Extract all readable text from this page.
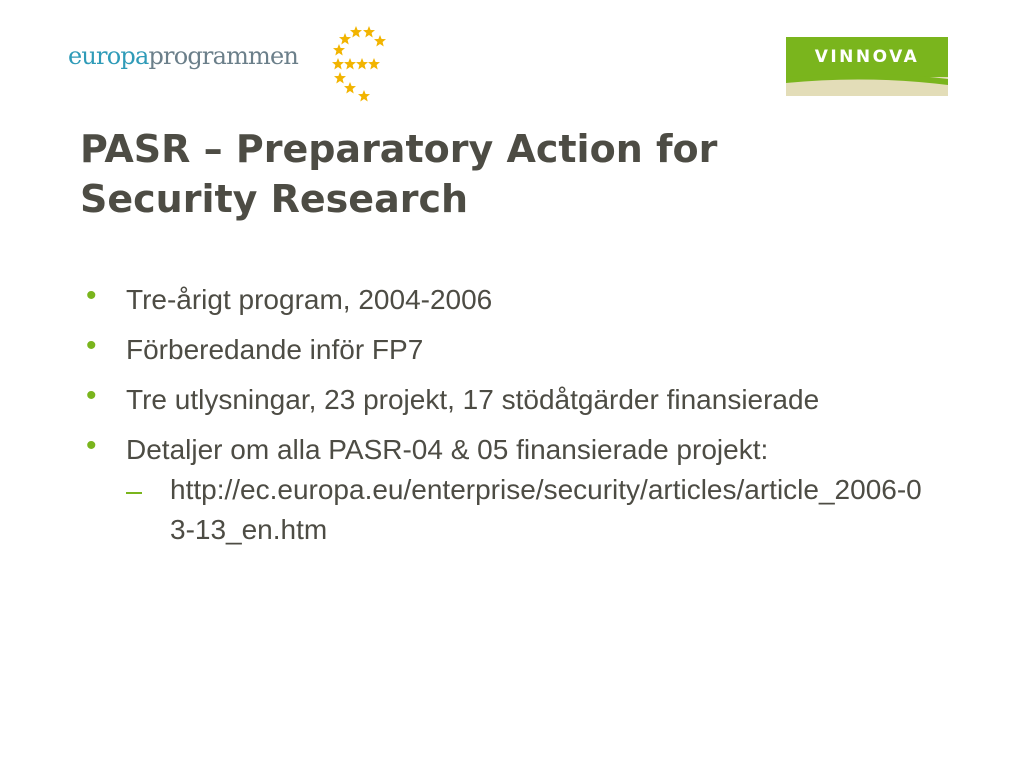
europaprogrammen	VINNOVA
PASR – Preparatory Action for
Security Research
•	Tre-årigt program, 2004-2006
•	Förberedande inför FP7
•	Tre utlysningar, 23 projekt, 17 stödåtgärder finansierade
•	Detaljer om alla PASR-04 & 05 finansierade projekt:
http://ec.europa.eu/enterprise/security/articles/article_2006-03-13_en.htm
